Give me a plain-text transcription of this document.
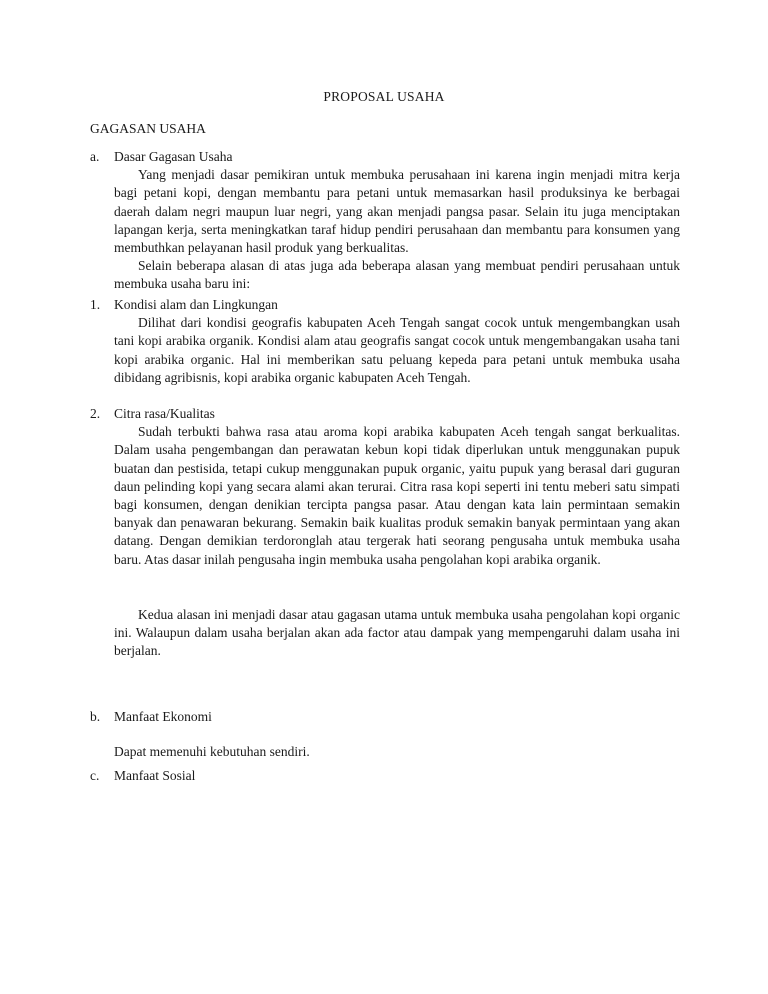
PROPOSAL USAHA
GAGASAN USAHA
a.	Dasar Gagasan Usaha

Yang menjadi dasar pemikiran untuk membuka perusahaan ini karena ingin menjadi mitra kerja bagi petani kopi, dengan membantu para petani untuk memasarkan hasil produksinya ke berbagai daerah dalam negri maupun luar negri, yang akan menjadi pangsa pasar. Selain itu juga menciptakan lapangan kerja, serta meningkatkan taraf hidup pendiri perusahaan dan membantu para konsumen yang membuthkan pelayanan hasil produk yang berkualitas.

Selain beberapa alasan di atas juga ada beberapa alasan yang membuat pendiri perusahaan untuk membuka usaha baru ini:

1.	Kondisi alam dan Lingkungan

Dilihat dari kondisi geografis kabupaten Aceh Tengah sangat cocok untuk mengembangkan usah tani kopi arabika organik. Kondisi alam atau geografis sangat cocok untuk mengembangakan usaha tani kopi arabika organic. Hal ini memberikan satu peluang kepeda para petani untuk membuka usaha dibidang agribisnis, kopi arabika organic kabupaten Aceh Tengah.

2.	Citra rasa/Kualitas

Sudah terbukti bahwa rasa atau aroma kopi arabika kabupaten Aceh tengah sangat berkualitas. Dalam usaha pengembangan dan perawatan kebun kopi tidak diperlukan untuk menggunakan pupuk buatan dan pestisida, tetapi cukup menggunakan pupuk organic, yaitu pupuk yang berasal dari guguran daun pelinding kopi yang secara alami akan terurai. Citra rasa kopi seperti ini tentu meberi satu simpati bagi konsumen, dengan denikian tercipta pangsa pasar. Atau dengan kata lain permintaan semakin banyak dan penawaran bekurang. Semakin baik kualitas produk semakin banyak permintaan yang akan datang. Dengan demikian terdoronglah atau tergerak hati seorang pengusaha untuk membuka usaha baru. Atas dasar inilah pengusaha ingin membuka usaha pengolahan kopi arabika organik.

Kedua alasan ini menjadi dasar atau gagasan utama untuk membuka usaha pengolahan kopi organic ini. Walaupun dalam usaha berjalan akan ada factor atau dampak yang mempengaruhi dalam usaha ini berjalan.

b.	Manfaat Ekonomi
Dapat memenuhi kebutuhan sendiri.
c.	Manfaat Sosial
